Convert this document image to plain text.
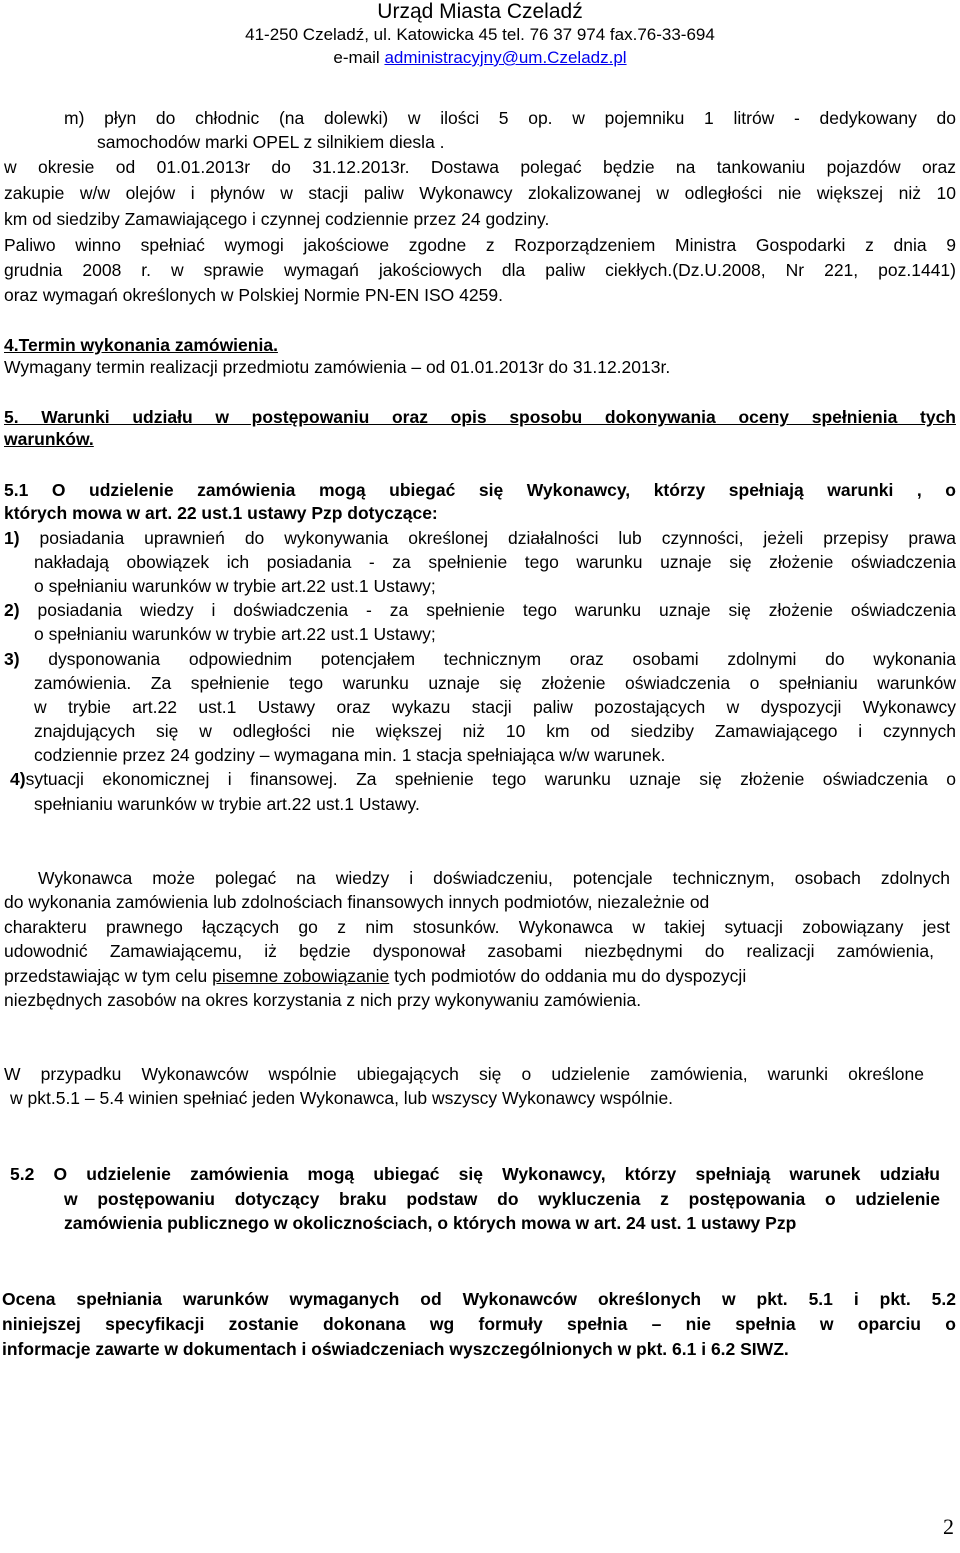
Urząd Miasta Czeladź
41-250 Czeladź, ul. Katowicka 45 tel. 76 37 974 fax.76-33-694
e-mail administracyjny@um.Czeladz.pl
m) płyn do chłodnic (na dolewki) w ilości 5 op. w pojemniku 1 litrów - dedykowany do
samochodów marki OPEL z silnikiem diesla .
w okresie od 01.01.2013r do 31.12.2013r. Dostawa polegać będzie na tankowaniu pojazdów oraz
zakupie w/w olejów i płynów w stacji paliw Wykonawcy zlokalizowanej w odległości nie większej niż 10
km od siedziby Zamawiającego i czynnej codziennie przez 24 godziny.
Paliwo winno spełniać wymogi jakościowe zgodne z Rozporządzeniem Ministra Gospodarki z dnia 9
grudnia 2008 r. w sprawie wymagań jakościowych dla paliw ciekłych.(Dz.U.2008, Nr 221, poz.1441)
oraz wymagań określonych w Polskiej Normie PN-EN ISO 4259.
4.Termin wykonania zamówienia.
Wymagany termin realizacji przedmiotu zamówienia – od 01.01.2013r do 31.12.2013r.
5. Warunki udziału w postępowaniu oraz opis sposobu dokonywania oceny spełnienia tych
warunków.
5.1 O udzielenie zamówienia mogą ubiegać się Wykonawcy, którzy spełniają warunki , o
których mowa w art. 22 ust.1 ustawy Pzp dotyczące:
1) posiadania uprawnień do wykonywania określonej działalności lub czynności, jeżeli przepisy prawa
nakładają obowiązek ich posiadania - za spełnienie tego warunku uznaje się złożenie oświadczenia
o spełnianiu warunków w trybie art.22 ust.1 Ustawy;
2) posiadania wiedzy i doświadczenia - za spełnienie tego warunku uznaje się złożenie oświadczenia
o spełnianiu warunków w trybie art.22 ust.1 Ustawy;
3) dysponowania odpowiednim potencjałem technicznym oraz osobami zdolnymi do wykonania
zamówienia. Za spełnienie tego warunku uznaje się złożenie oświadczenia o spełnianiu warunków
w trybie art.22 ust.1 Ustawy oraz wykazu stacji paliw pozostających w dyspozycji Wykonawcy
znajdujących się w odległości nie większej niż 10 km od siedziby Zamawiającego i czynnych
codziennie przez 24 godziny – wymagana min. 1 stacja spełniająca w/w warunek.
4)sytuacji ekonomicznej i finansowej. Za spełnienie tego warunku uznaje się złożenie oświadczenia o
spełnianiu warunków w trybie art.22 ust.1 Ustawy.
Wykonawca może polegać na wiedzy i doświadczeniu, potencjale technicznym, osobach zdolnych
do wykonania zamówienia lub zdolnościach finansowych innych podmiotów, niezależnie od
charakteru prawnego łączących go z nim stosunków. Wykonawca w takiej sytuacji zobowiązany jest
udowodnić Zamawiającemu, iż będzie dysponował zasobami niezbędnymi do realizacji zamówienia,
przedstawiając w tym celu pisemne zobowiązanie tych podmiotów do oddania mu do dyspozycji
niezbędnych zasobów na okres korzystania z nich przy wykonywaniu zamówienia.
W przypadku Wykonawców wspólnie ubiegających się o udzielenie zamówienia, warunki określone
w pkt.5.1 – 5.4 winien spełniać jeden Wykonawca, lub wszyscy Wykonawcy wspólnie.
5.2 O udzielenie zamówienia mogą ubiegać się Wykonawcy, którzy spełniają warunek udziału
w postępowaniu dotyczący braku podstaw do wykluczenia z postępowania o udzielenie
zamówienia publicznego w okolicznościach, o których mowa w art. 24 ust. 1 ustawy Pzp
Ocena spełniania warunków wymaganych od Wykonawców określonych w pkt. 5.1 i pkt. 5.2
niniejszej specyfikacji zostanie dokonana wg formuły spełnia – nie spełnia w oparciu o
informacje zawarte w dokumentach i oświadczeniach wyszczególnionych w pkt. 6.1 i 6.2 SIWZ.
2
